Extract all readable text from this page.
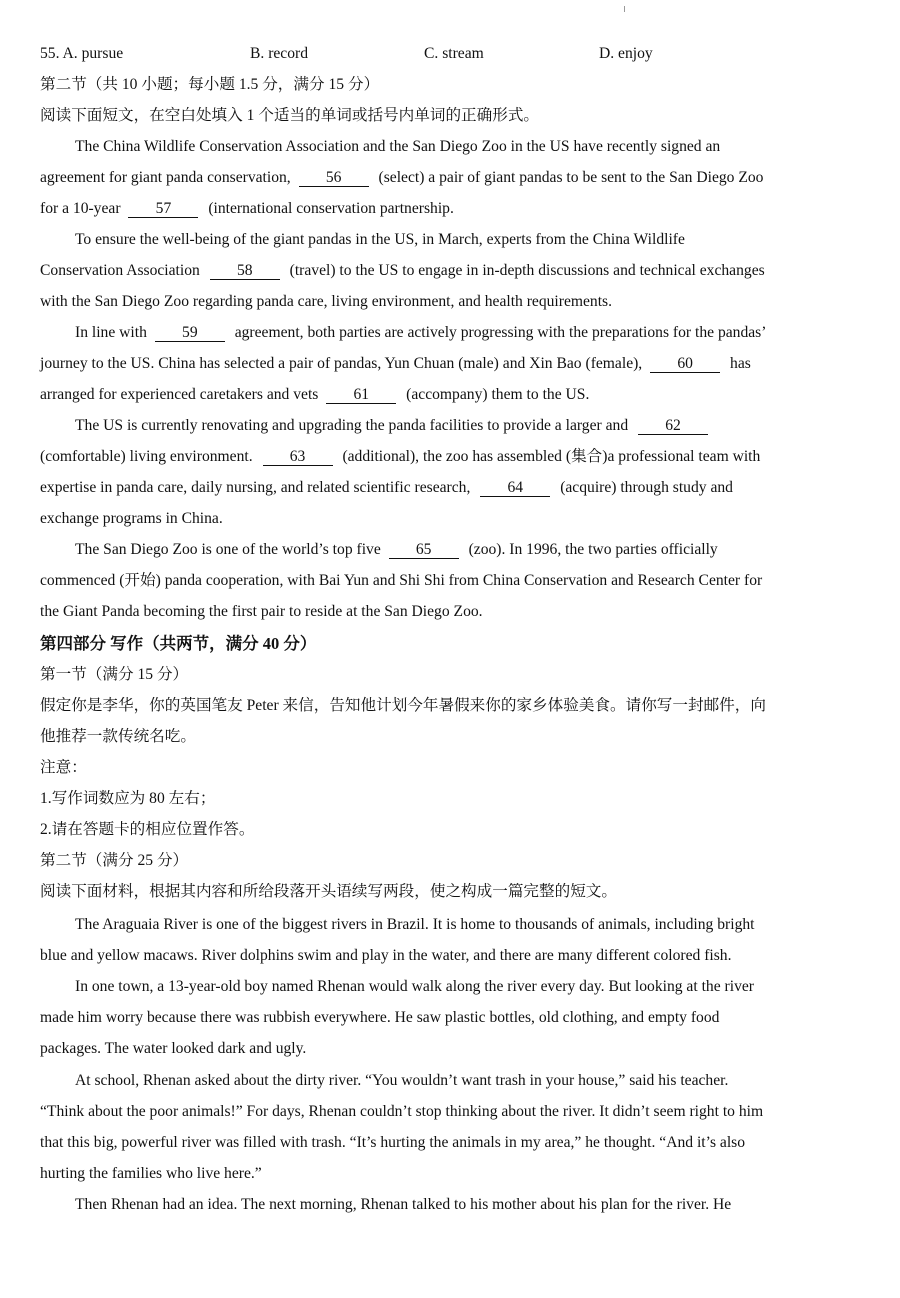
55. A. pursue	B. record	C. stream	D. enjoy
第二节（共 10 小题；每小题 1.5 分，满分 15 分）
阅读下面短文，在空白处填入 1 个适当的单词或括号内单词的正确形式。
The China Wildlife Conservation Association and the San Diego Zoo in the US have recently signed an
agreement for giant panda conservation, 56 (select) a pair of giant pandas to be sent to the San Diego Zoo
for a 10-year 57 (international conservation partnership.
To ensure the well-being of the giant pandas in the US, in March, experts from the China Wildlife
Conservation Association 58 (travel) to the US to engage in in-depth discussions and technical exchanges
with the San Diego Zoo regarding panda care, living environment, and health requirements.
In line with 59 agreement, both parties are actively progressing with the preparations for the pandas’
journey to the US. China has selected a pair of pandas, Yun Chuan (male) and Xin Bao (female), 60 has
arranged for experienced caretakers and vets 61 (accompany) them to the US.
The US is currently renovating and upgrading the panda facilities to provide a larger and 62
(comfortable) living environment. 63 (additional), the zoo has assembled (集合)a professional team with
expertise in panda care, daily nursing, and related scientific research, 64 (acquire) through study and
exchange programs in China.
The San Diego Zoo is one of the world’s top five 65 (zoo). In 1996, the two parties officially
commenced (开始) panda cooperation, with Bai Yun and Shi Shi from China Conservation and Research Center for
the Giant Panda becoming the first pair to reside at the San Diego Zoo.
第四部分 写作（共两节，满分 40 分）
第一节（满分 15 分）
假定你是李华，你的英国笔友 Peter 来信，告知他计划今年暑假来你的家乡体验美食。请你写一封邮件，向
他推荐一款传统名吃。
注意：
1.写作词数应为 80 左右；
2.请在答题卡的相应位置作答。
第二节（满分 25 分）
阅读下面材料，根据其内容和所给段落开头语续写两段，使之构成一篇完整的短文。
The Araguaia River is one of the biggest rivers in Brazil. It is home to thousands of animals, including bright
blue and yellow macaws. River dolphins swim and play in the water, and there are many different colored fish.
In one town, a 13-year-old boy named Rhenan would walk along the river every day. But looking at the river
made him worry because there was rubbish everywhere. He saw plastic bottles, old clothing, and empty food
packages. The water looked dark and ugly.
At school, Rhenan asked about the dirty river. “You wouldn’t want trash in your house,” said his teacher.
“Think about the poor animals!” For days, Rhenan couldn’t stop thinking about the river. It didn’t seem right to him
that this big, powerful river was filled with trash. “It’s hurting the animals in my area,” he thought. “And it’s also
hurting the families who live here.”
Then Rhenan had an idea. The next morning, Rhenan talked to his mother about his plan for the river. He
